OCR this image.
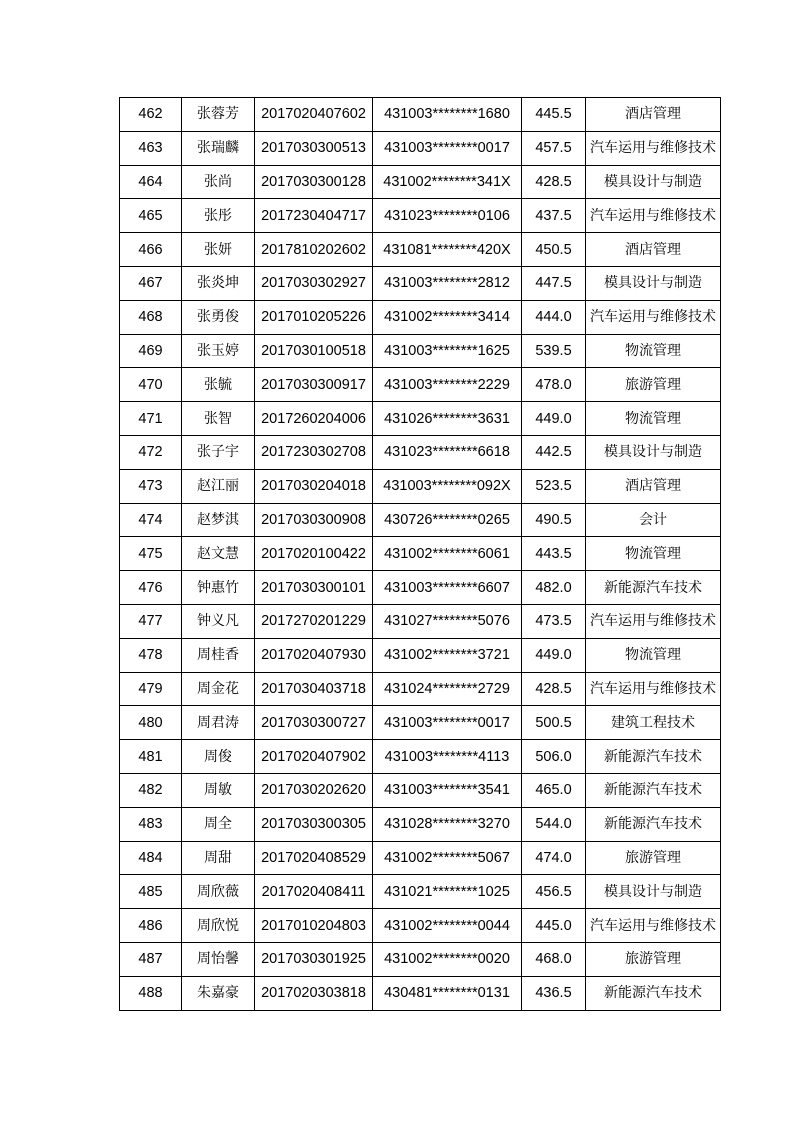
462	张蓉芳	2017020407602	431003********1680	445.5	酒店管理
463	张瑞麟	2017030300513	431003********0017	457.5	汽车运用与维修技术
464	张尚	2017030300128	431002********341X	428.5	模具设计与制造
465	张彤	2017230404717	431023********0106	437.5	汽车运用与维修技术
466	张妍	2017810202602	431081********420X	450.5	酒店管理
467	张炎坤	2017030302927	431003********2812	447.5	模具设计与制造
468	张勇俊	2017010205226	431002********3414	444.0	汽车运用与维修技术
469	张玉婷	2017030100518	431003********1625	539.5	物流管理
470	张毓	2017030300917	431003********2229	478.0	旅游管理
471	张智	2017260204006	431026********3631	449.0	物流管理
472	张子宇	2017230302708	431023********6618	442.5	模具设计与制造
473	赵江丽	2017030204018	431003********092X	523.5	酒店管理
474	赵梦淇	2017030300908	430726********0265	490.5	会计
475	赵文慧	2017020100422	431002********6061	443.5	物流管理
476	钟惠竹	2017030300101	431003********6607	482.0	新能源汽车技术
477	钟义凡	2017270201229	431027********5076	473.5	汽车运用与维修技术
478	周桂香	2017020407930	431002********3721	449.0	物流管理
479	周金花	2017030403718	431024********2729	428.5	汽车运用与维修技术
480	周君涛	2017030300727	431003********0017	500.5	建筑工程技术
481	周俊	2017020407902	431003********4113	506.0	新能源汽车技术
482	周敏	2017030202620	431003********3541	465.0	新能源汽车技术
483	周全	2017030300305	431028********3270	544.0	新能源汽车技术
484	周甜	2017020408529	431002********5067	474.0	旅游管理
485	周欣薇	2017020408411	431021********1025	456.5	模具设计与制造
486	周欣悦	2017010204803	431002********0044	445.0	汽车运用与维修技术
487	周怡馨	2017030301925	431002********0020	468.0	旅游管理
488	朱嘉豪	2017020303818	430481********0131	436.5	新能源汽车技术
